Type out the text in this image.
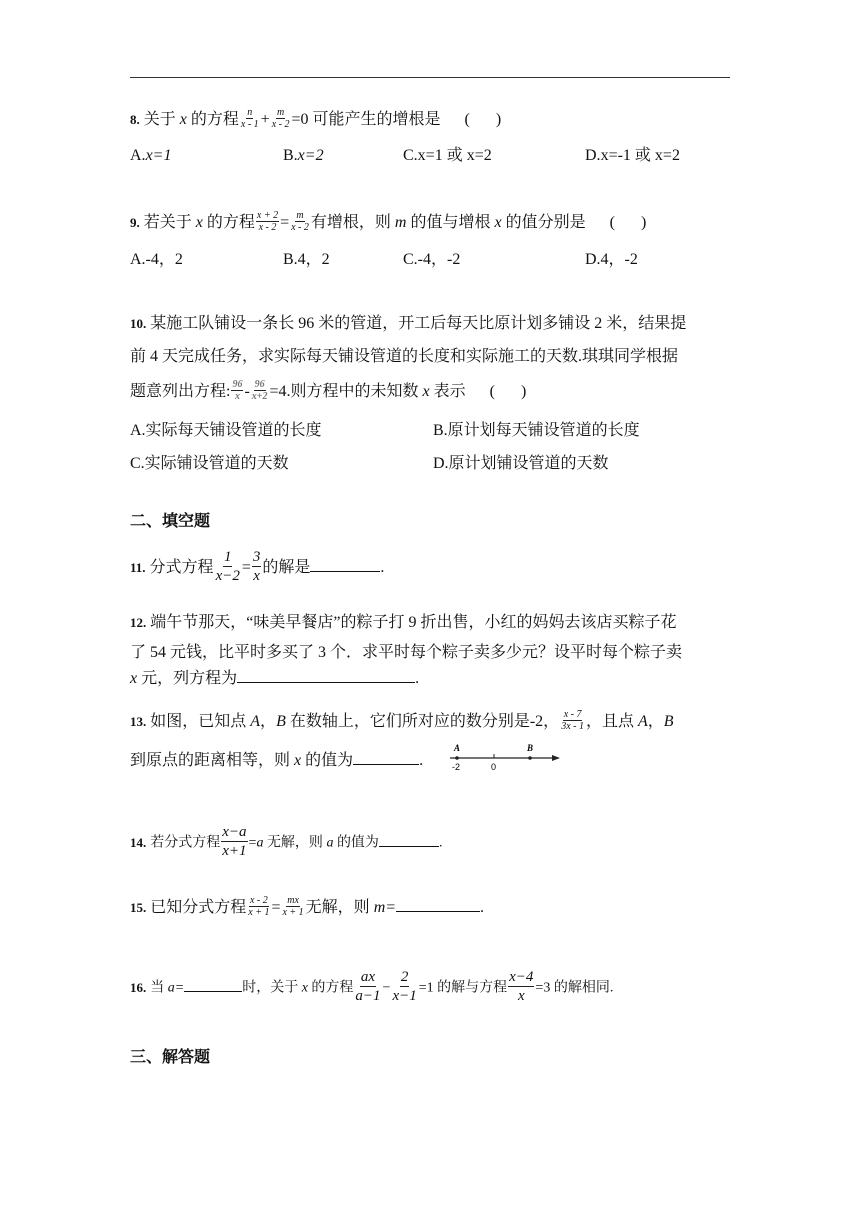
8. 关于 x 的方程 $\frac{n}{x - 1} + \frac{m}{x - 2} =0$ 可能产生的增根是 ( )
A.x=1	B.x=2	C.x=1 或 x=2	D.x=-1 或 x=2
9. 若关于 x 的方程 $\frac{x + 2}{x - 2} = \frac{m}{x - 2}$ 有增根，则 m 的值与增根 x 的值分别是 ( )
A.-4，2	B.4，2	C.-4，-2	D.4，-2
10. 某施工队铺设一条长 96 米的管道，开工后每天比原计划多铺设 2 米，结果提
前 4 天完成任务，求实际每天铺设管道的长度和实际施工的天数.琪琪同学根据
题意列出方程: $\frac{96}{x} - \frac{96}{x+2} =4$.则方程中的未知数 x 表示 ( )
A.实际每天铺设管道的长度	B.原计划每天铺设管道的长度
C.实际铺设管道的天数	D.原计划铺设管道的天数
二、填空题
11. 分式方程 $\frac{1}{x-2} = \frac{3}{x}$ 的解是	.
12. 端午节那天，“味美早餐店”的粽子打 9 折出售，小红的妈妈去该店买粽子花
了 54 元钱，比平时多买了 3 个．求平时每个粽子卖多少元？设平时每个粽子卖
x 元，列方程为	.
13. 如图，已知点 A，B 在数轴上，它们所对应的数分别是-2， $\frac{x - 7}{3x - 1}$ ，且点 A，B
到原点的距离相等，则 x 的值为	.
A	B
-2	0
14. 若分式方程 $\frac{x-a}{x+1} =a$ 无解，则 a 的值为	.
15. 已知分式方程 $\frac{x - 2}{x + 1} = \frac{mx}{x + 1}$ 无解，则 m=	.
16. 当 a=	时，关于 x 的方程 $\frac{ax}{a-1} - \frac{2}{x-1} =1$ 的解与方程 $\frac{x-4}{x} =3$ 的解相同.
三、解答题
